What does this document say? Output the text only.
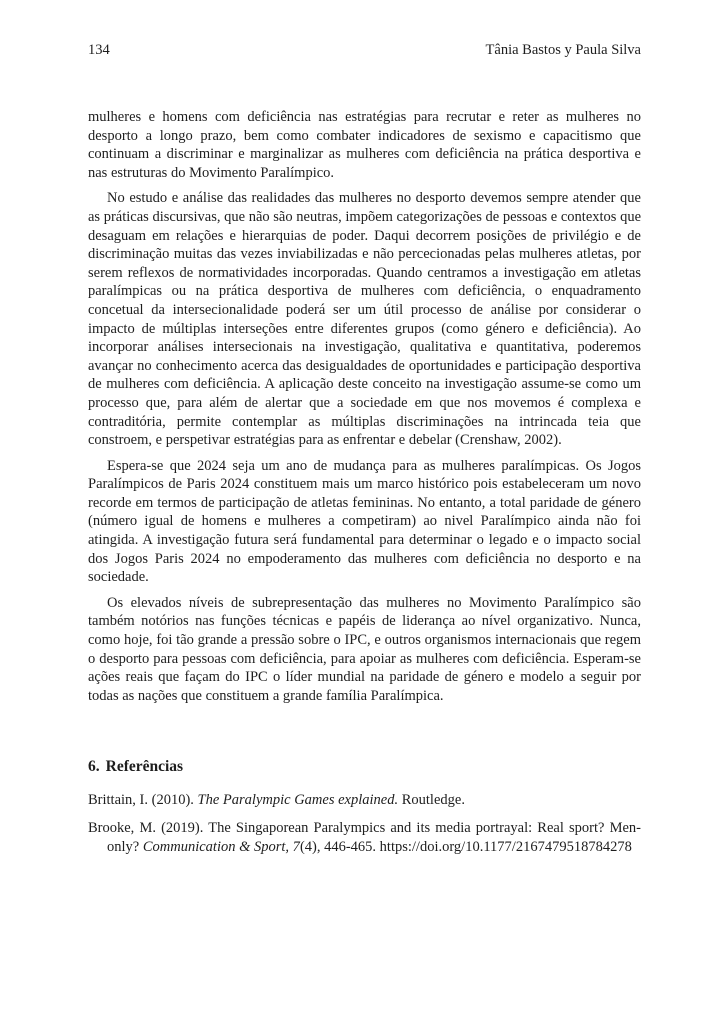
134	Tânia Bastos y Paula Silva

mulheres e homens com deficiência nas estratégias para recrutar e reter as mulheres no desporto a longo prazo, bem como combater indicadores de sexismo e capacitismo que continuam a discriminar e marginalizar as mulheres com deficiência na prática desportiva e nas estruturas do Movimento Paralímpico.

No estudo e análise das realidades das mulheres no desporto devemos sempre atender que as práticas discursivas, que não são neutras, impõem categorizações de pessoas e contextos que desaguam em relações e hierarquias de poder. Daqui decorrem posições de privilégio e de discriminação muitas das vezes inviabilizadas e não percecionadas pelas mulheres atletas, por serem reflexos de normatividades incorporadas. Quando centramos a investigação em atletas paralímpicas ou na prática desportiva de mulheres com deficiência, o enquadramento concetual da intersecionalidade poderá ser um útil processo de análise por considerar o impacto de múltiplas interseções entre diferentes grupos (como género e deficiência). Ao incorporar análises intersecionais na investigação, qualitativa e quantitativa, poderemos avançar no conhecimento acerca das desigualdades de oportunidades e participação desportiva de mulheres com deficiência. A aplicação deste conceito na investigação assume-se como um processo que, para além de alertar que a sociedade em que nos movemos é complexa e contraditória, permite contemplar as múltiplas discriminações na intrincada teia que constroem, e perspetivar estratégias para as enfrentar e debelar (Crenshaw, 2002).

Espera-se que 2024 seja um ano de mudança para as mulheres paralímpicas. Os Jogos Paralímpicos de Paris 2024 constituem mais um marco histórico pois estabeleceram um novo recorde em termos de participação de atletas femininas. No entanto, a total paridade de género (número igual de homens e mulheres a competiram) ao nivel Paralímpico ainda não foi atingida. A investigação futura será fundamental para determinar o legado e o impacto social dos Jogos Paris 2024 no empoderamento das mulheres com deficiência no desporto e na sociedade.

Os elevados níveis de subrepresentação das mulheres no Movimento Paralímpico são também notórios nas funções técnicas e papéis de liderança ao nível organizativo. Nunca, como hoje, foi tão grande a pressão sobre o IPC, e outros organismos internacionais que regem o desporto para pessoas com deficiência, para apoiar as mulheres com deficiência. Esperam-se ações reais que façam do IPC o líder mundial na paridade de género e modelo a seguir por todas as nações que constituem a grande família Paralímpica.

6. Referências

Brittain, I. (2010). The Paralympic Games explained. Routledge.

Brooke, M. (2019). The Singaporean Paralympics and its media portrayal: Real sport? Men-only? Communication & Sport, 7(4), 446-465. https://doi.org/10.1177/2167479518784278
